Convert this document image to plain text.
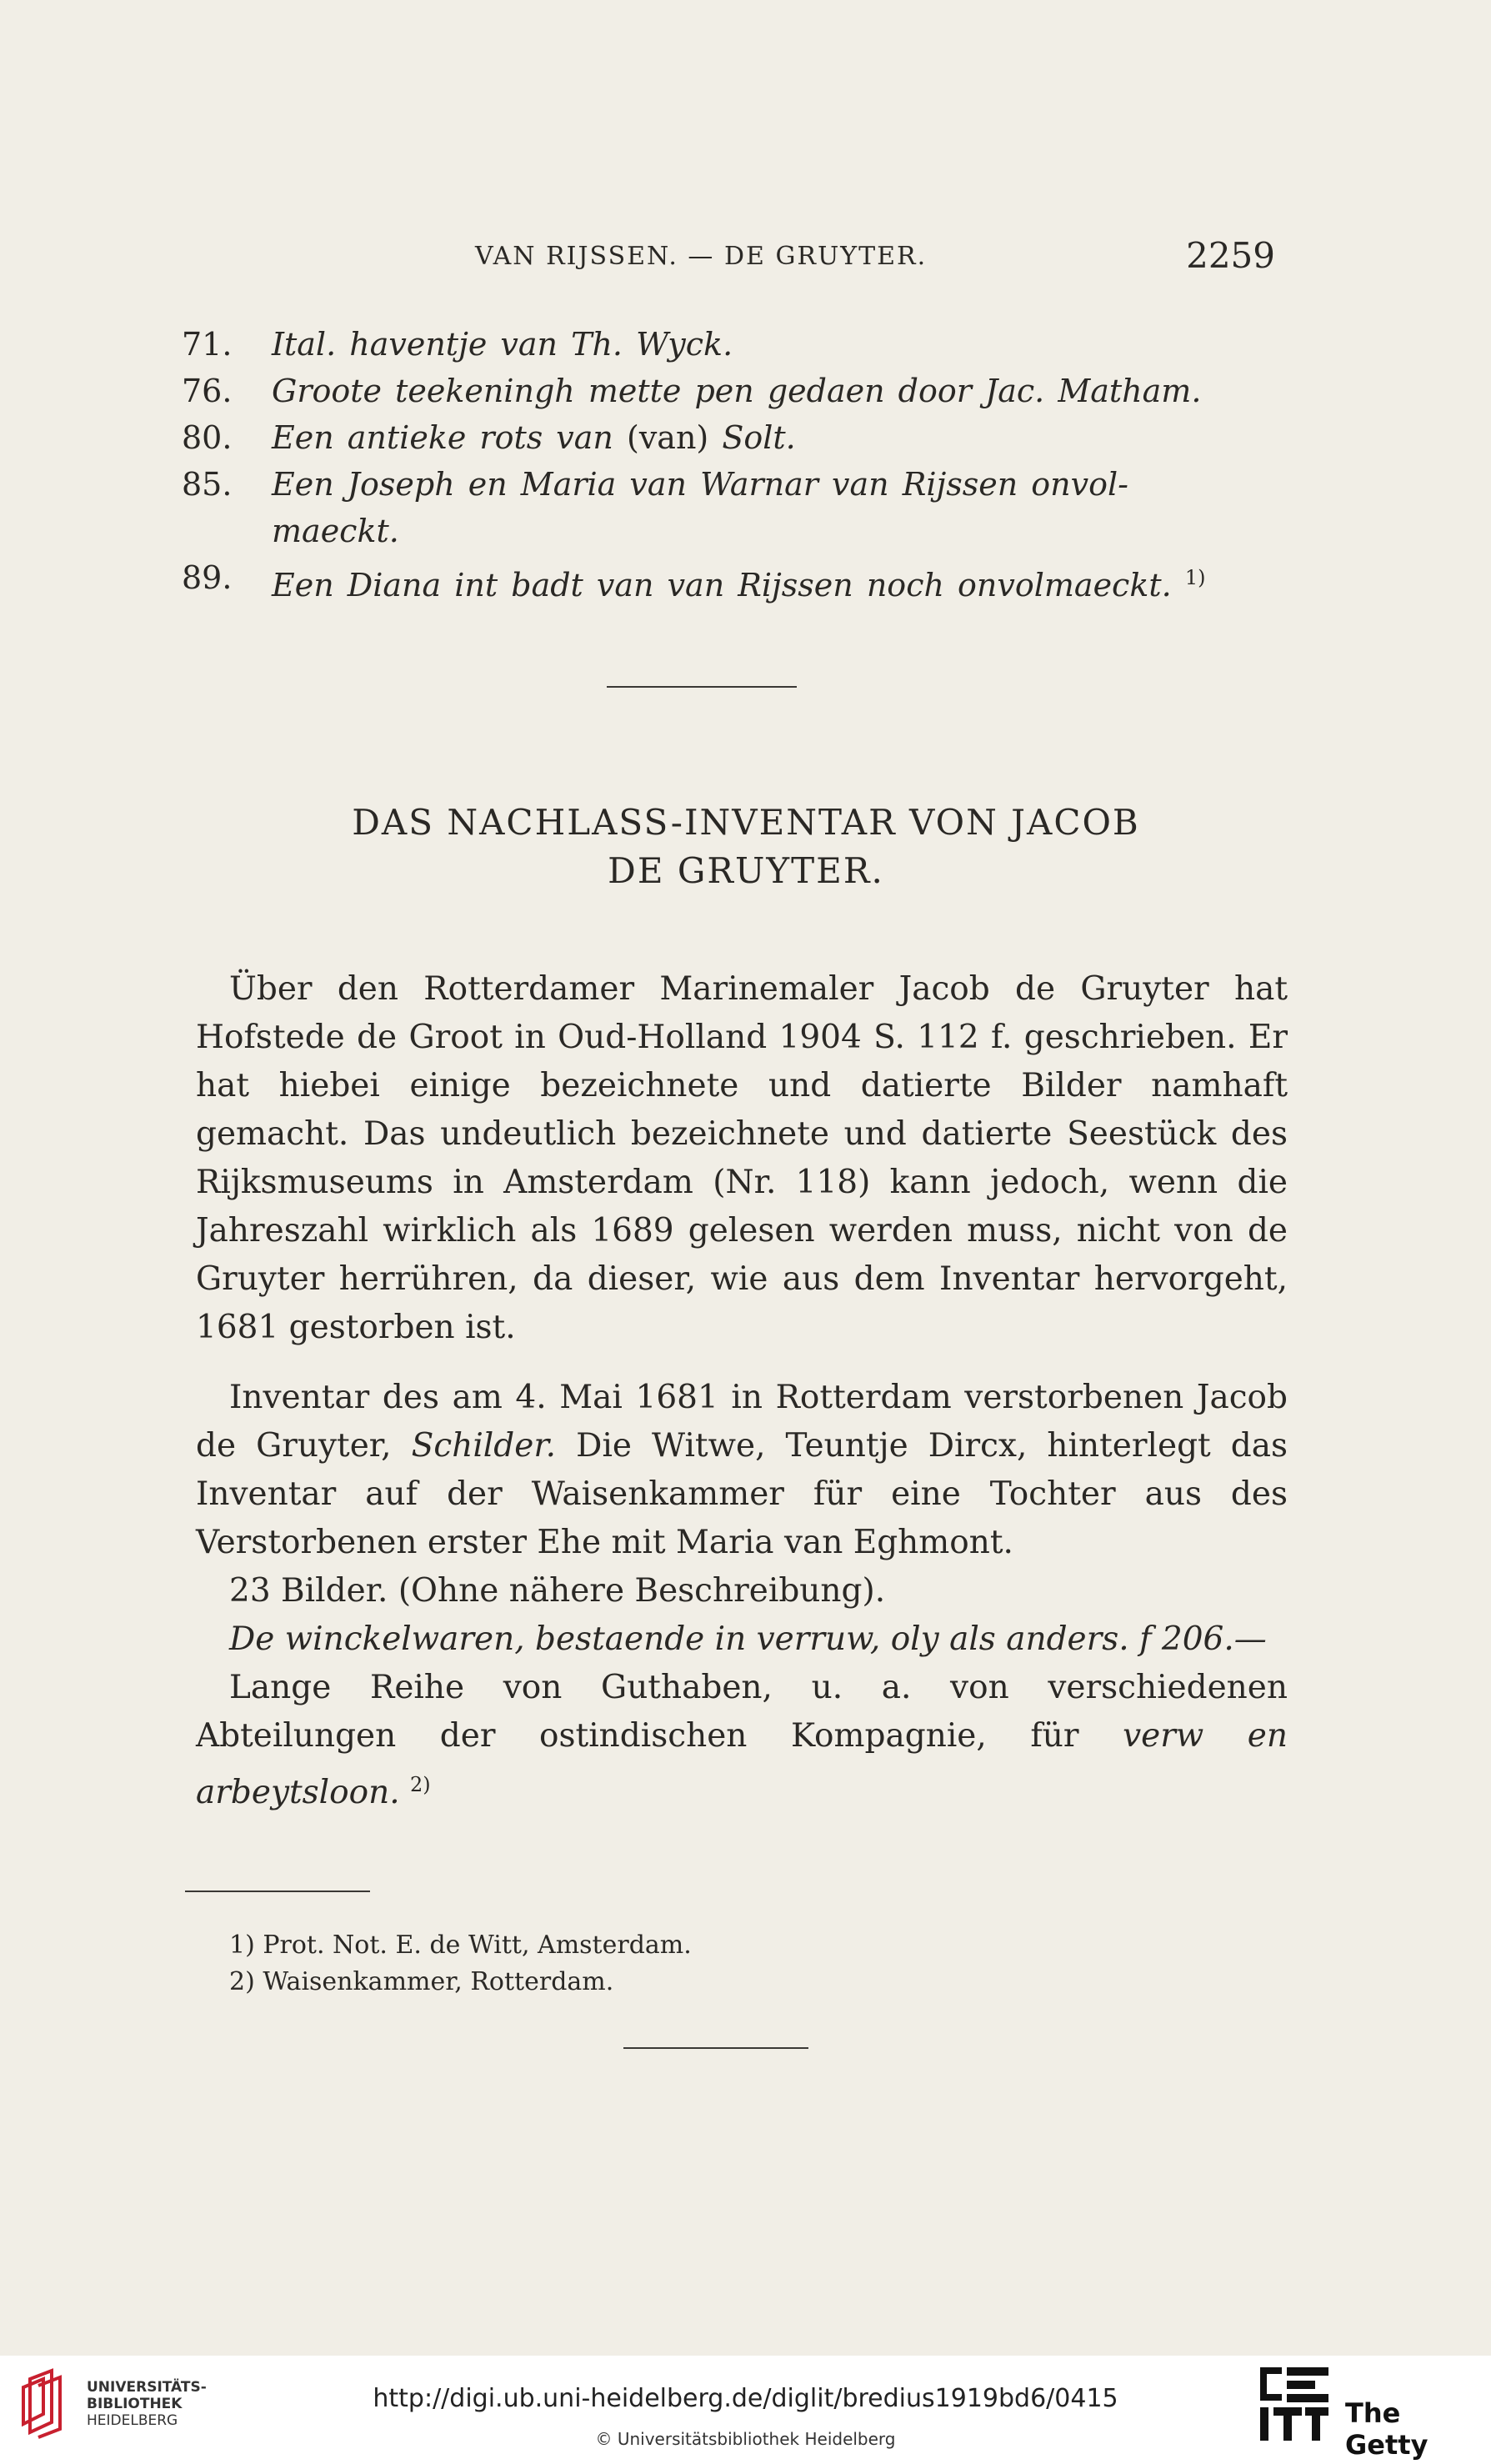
VAN RIJSSEN. — DE GRUYTER.	2259
71.	Ital. haventje van Th. Wyck.
76.	Groote teekeningh mette pen gedaen door Jac. Matham.
80.	Een antieke rots van (van) Solt.
85.	Een Joseph en Maria van Warnar van Rijssen onvol-
maeckt.
89.	Een Diana int badt van van Rijssen noch onvolmaeckt. $^{1)}$
DAS NACHLASS-INVENTAR VON JACOB
DE GRUYTER.

Über den Rotterdamer Marinemaler Jacob de Gruyter hat Hofstede de Groot in Oud-Holland 1904 S. 112 f. geschrieben. Er hat hiebei einige bezeichnete und datierte Bilder namhaft gemacht. Das undeutlich bezeichnete und datierte Seestück des Rijksmuseums in Amsterdam (Nr. 118) kann jedoch, wenn die Jahreszahl wirklich als 1689 gelesen werden muss, nicht von de Gruyter herrühren, da dieser, wie aus dem Inventar hervorgeht, 1681 gestorben ist.

Inventar des am 4. Mai 1681 in Rotterdam verstorbenen Jacob de Gruyter, Schilder. Die Witwe, Teuntje Dircx, hinterlegt das Inventar auf der Waisenkammer für eine Tochter aus des Verstorbenen erster Ehe mit Maria van Eghmont.

23 Bilder. (Ohne nähere Beschreibung).

De winckelwaren, bestaende in verruw, oly als anders. f 206.—

Lange Reihe von Guthaben, u. a. von verschiedenen Abteilungen der ostindischen Kompagnie, für verw en arbeytsloon. $^{2)}$

1) Prot. Not. E. de Witt, Amsterdam.
2) Waisenkammer, Rotterdam.
UNIVERSITÄTS-
BIBLIOTHEK
HEIDELBERG
http://digi.ub.uni-heidelberg.de/diglit/bredius1919bd6/0415
© Universitätsbibliothek Heidelberg
The Getty
